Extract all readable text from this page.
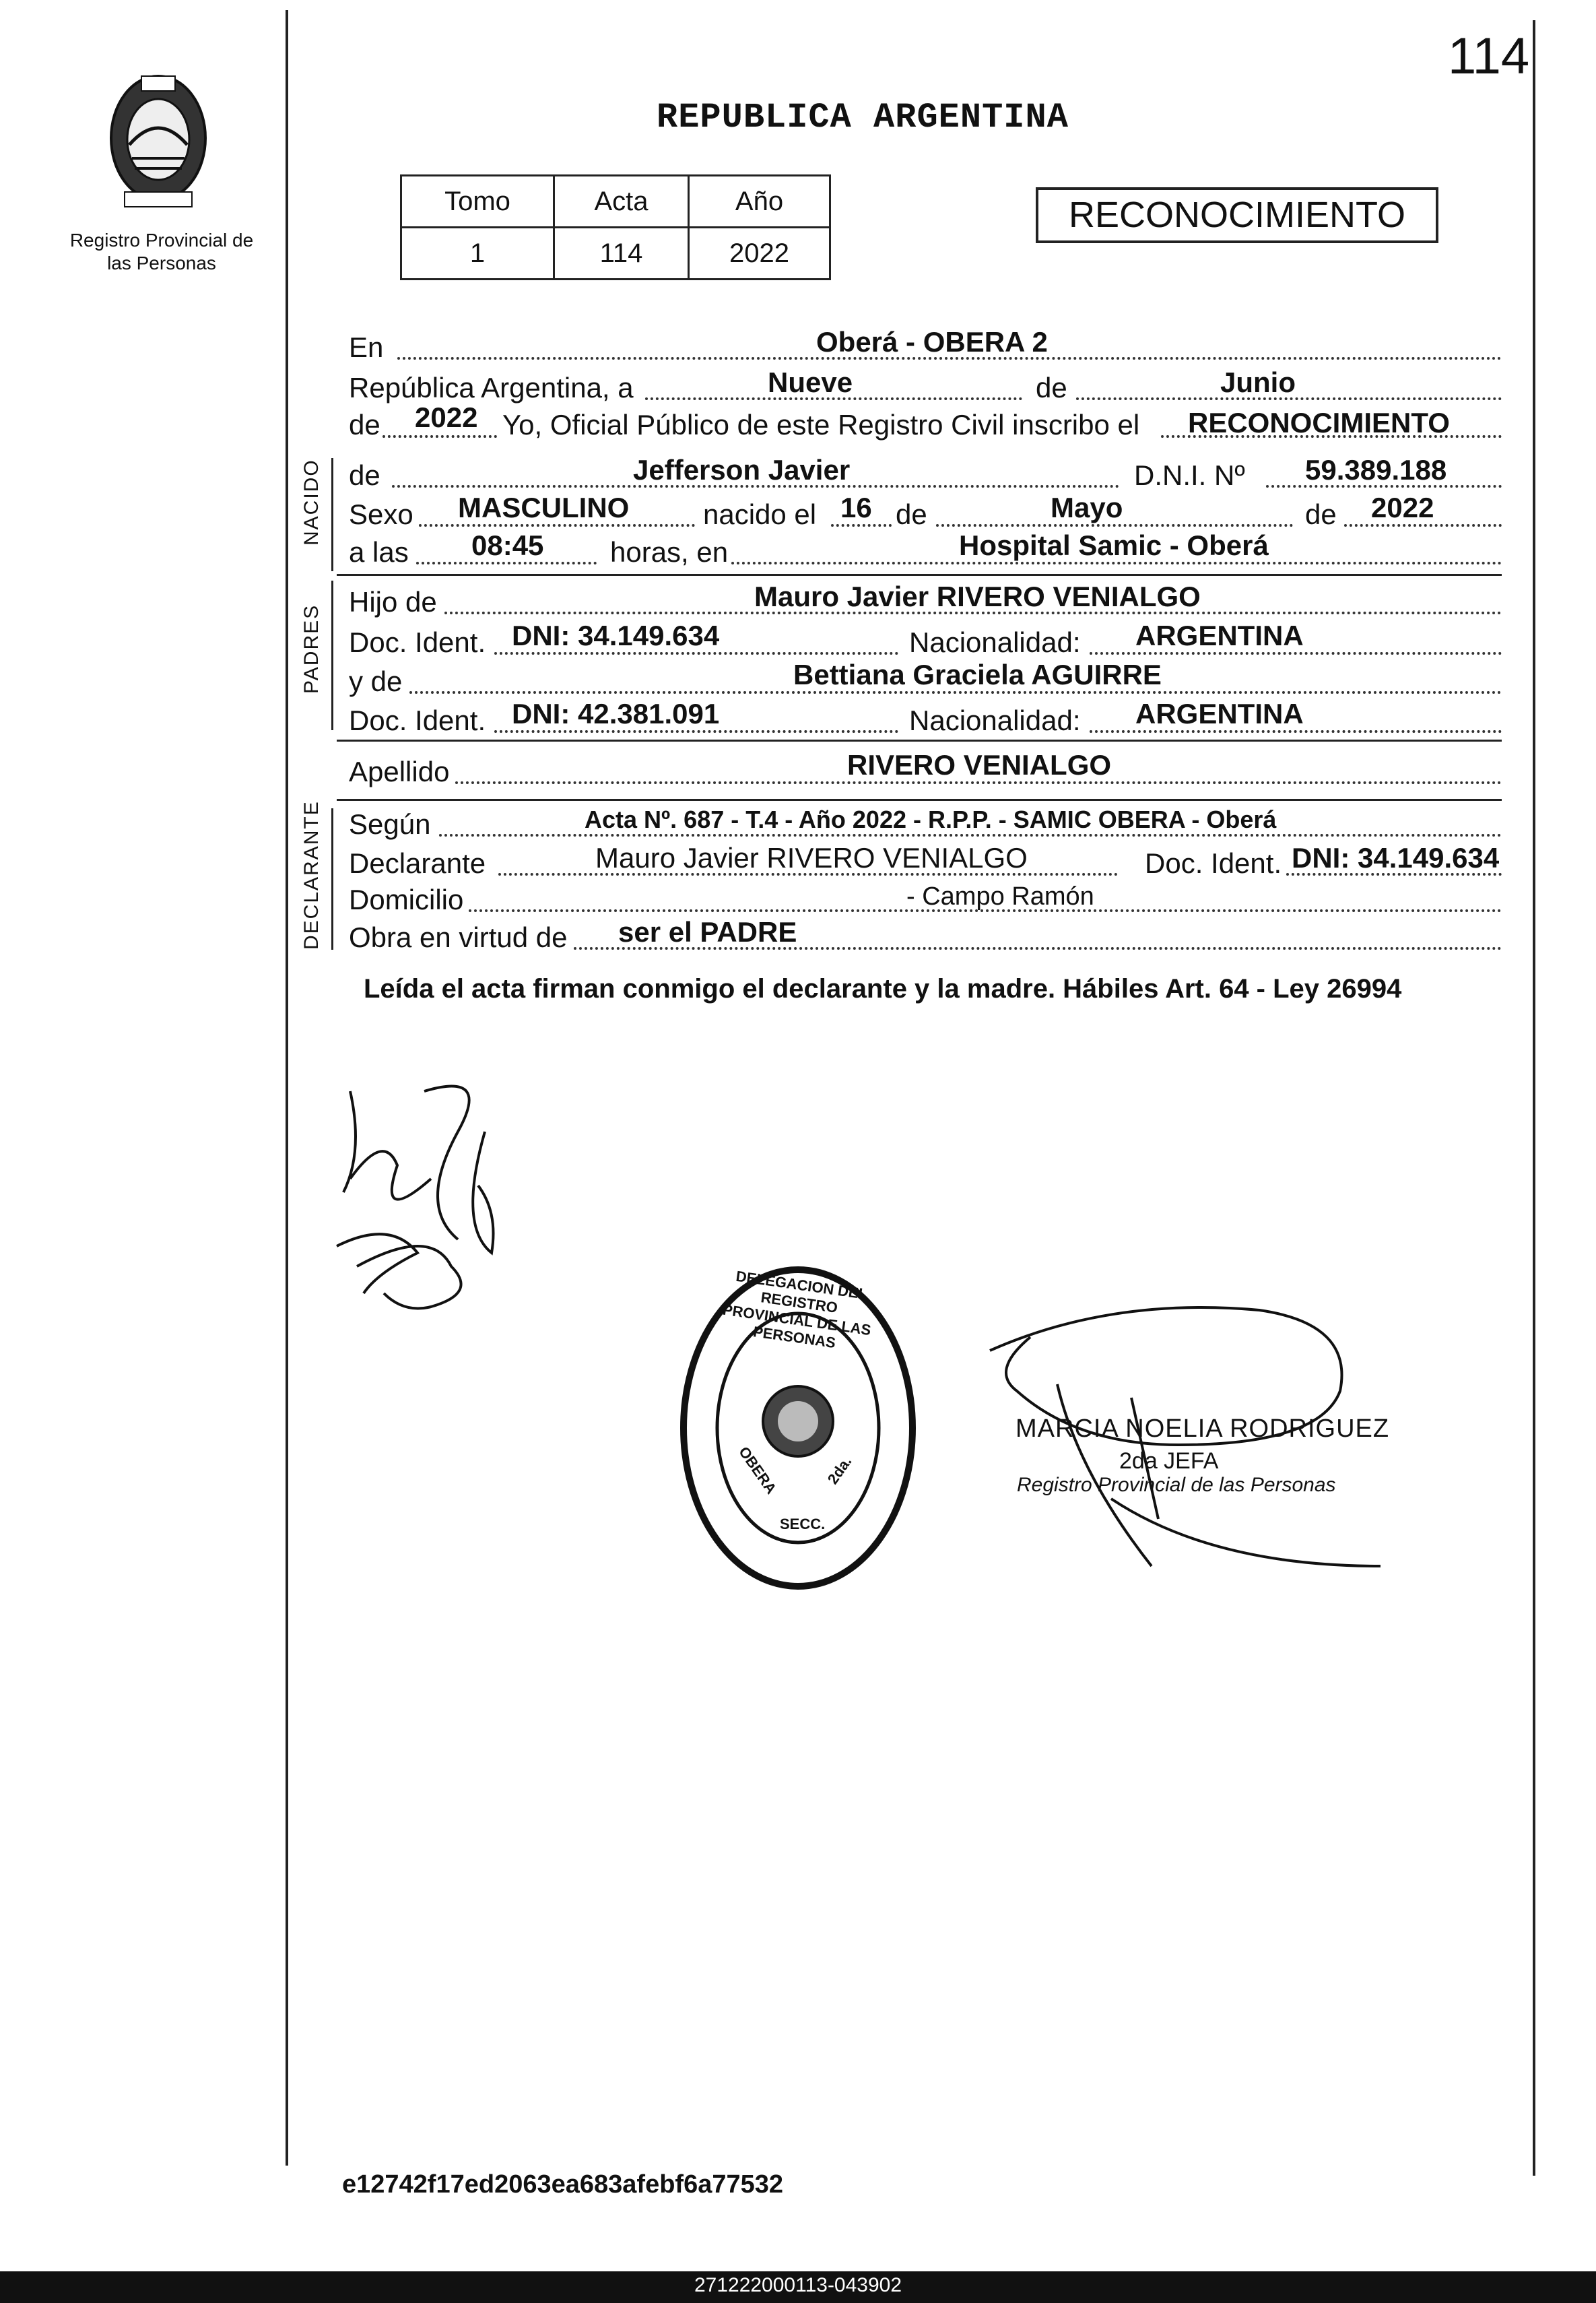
114
Registro Provincial de las Personas
REPUBLICA ARGENTINA
Tomo	Acta	Año
1	114	2022
RECONOCIMIENTO
NACIDO
PADRES
DECLARANTE
En	Oberá - OBERA 2
República Argentina, a	Nueve	de	Junio
de 2022 Yo, Oficial Público de este Registro Civil inscribo el RECONOCIMIENTO
de	Jefferson Javier	D.N.I. Nº 59.389.188
Sexo MASCULINO	nacido el 16 de	Mayo	de 2022
a las 08:45 horas, en	Hospital Samic - Oberá
Hijo de	Mauro Javier RIVERO VENIALGO
Doc. Ident. DNI: 34.149.634	Nacionalidad: ARGENTINA
y de	Bettiana Graciela AGUIRRE
Doc. Ident. DNI: 42.381.091	Nacionalidad: ARGENTINA
Apellido	RIVERO VENIALGO
Según	Acta Nº. 687 - T.4 - Año 2022 - R.P.P. - SAMIC OBERA - Oberá
Declarante	Mauro Javier RIVERO VENIALGO	Doc. Ident. DNI: 34.149.634
Domicilio	- Campo Ramón
Obra en virtud de ser el PADRE
Leída el acta firman conmigo el declarante y la madre. Hábiles Art. 64 - Ley 26994
DELEGACION DEL REGISTRO PROVINCIAL DE LAS PERSONAS
OBERA	2da.
SECC.
MARCIA NOELIA RODRIGUEZ
2da JEFA
Registro Provincial de las Personas
e12742f17ed2063ea683afebf6a77532
271222000113-043902
